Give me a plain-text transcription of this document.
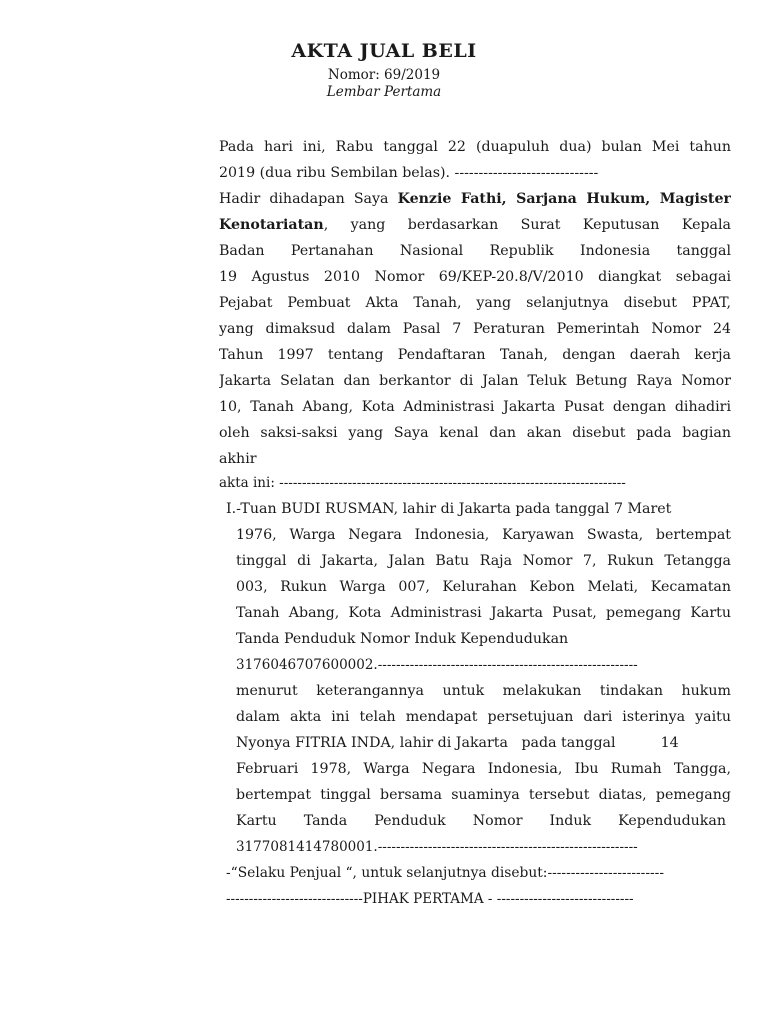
AKTA JUAL BELI
Nomor: 69/2019
Lembar Pertama
Pada hari ini, Rabu tanggal 22 (duapuluh dua) bulan Mei tahun
2019 (dua ribu Sembilan belas). ------------------------------
Hadir dihadapan Saya Kenzie Fathi, Sarjana Hukum, Magister
Kenotariatan, yang berdasarkan Surat Keputusan Kepala
Badan Pertanahan Nasional Republik Indonesia tanggal
19 Agustus 2010 Nomor 69/KEP-20.8/V/2010 diangkat sebagai
Pejabat Pembuat Akta Tanah, yang selanjutnya disebut PPAT,
yang dimaksud dalam Pasal 7 Peraturan Pemerintah Nomor 24
Tahun 1997 tentang Pendaftaran Tanah, dengan daerah kerja
Jakarta Selatan dan berkantor di Jalan Teluk Betung Raya Nomor
10, Tanah Abang, Kota Administrasi Jakarta Pusat dengan dihadiri
oleh saksi-saksi yang Saya kenal dan akan disebut pada bagian
akhir
akta ini: ----------------------------------------------------------------------------
I.-Tuan BUDI RUSMAN, lahir di Jakarta pada tanggal 7 Maret
1976, Warga Negara Indonesia, Karyawan Swasta, bertempat
tinggal di Jakarta, Jalan Batu Raja Nomor 7, Rukun Tetangga
003, Rukun Warga 007, Kelurahan Kebon Melati, Kecamatan
Tanah Abang, Kota Administrasi Jakarta Pusat, pemegang Kartu
Tanda Penduduk Nomor Induk Kependudukan
3176046707600002.---------------------------------------------------------
menurut keterangannya untuk melakukan tindakan hukum
dalam akta ini telah mendapat persetujuan dari isterinya yaitu
Nyonya FITRIA INDA, lahir di Jakarta   pada tanggal          14
Februari 1978, Warga Negara Indonesia, Ibu Rumah Tangga,
bertempat tinggal bersama suaminya tersebut diatas, pemegang
Kartu Tanda Penduduk Nomor Induk Kependudukan
3177081414780001.---------------------------------------------------------
-“Selaku Penjual “, untuk selanjutnya disebut:-------------------------
------------------------------PIHAK PERTAMA - ------------------------------
